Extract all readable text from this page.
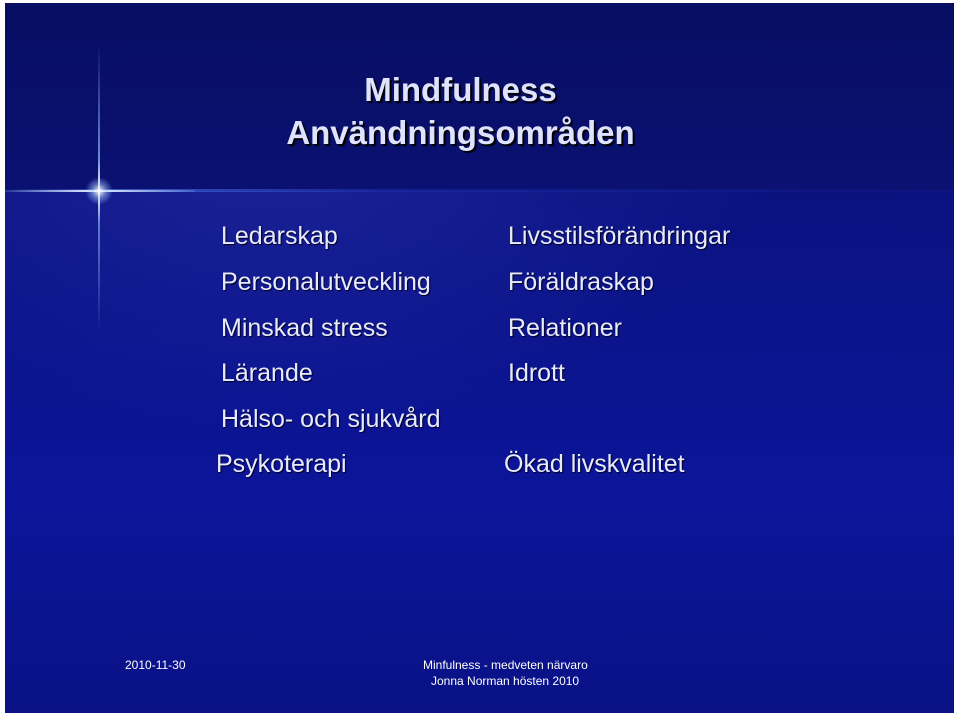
Mindfulness
Användningsområden
Ledarskap
Personalutveckling
Minskad stress
Lärande
Hälso- och sjukvård
Psykoterapi
Livsstilsförändringar
Föräldraskap
Relationer
Idrott
Ökad livskvalitet
2010-11-30	Minfulness - medveten närvaro
Jonna Norman hösten 2010
